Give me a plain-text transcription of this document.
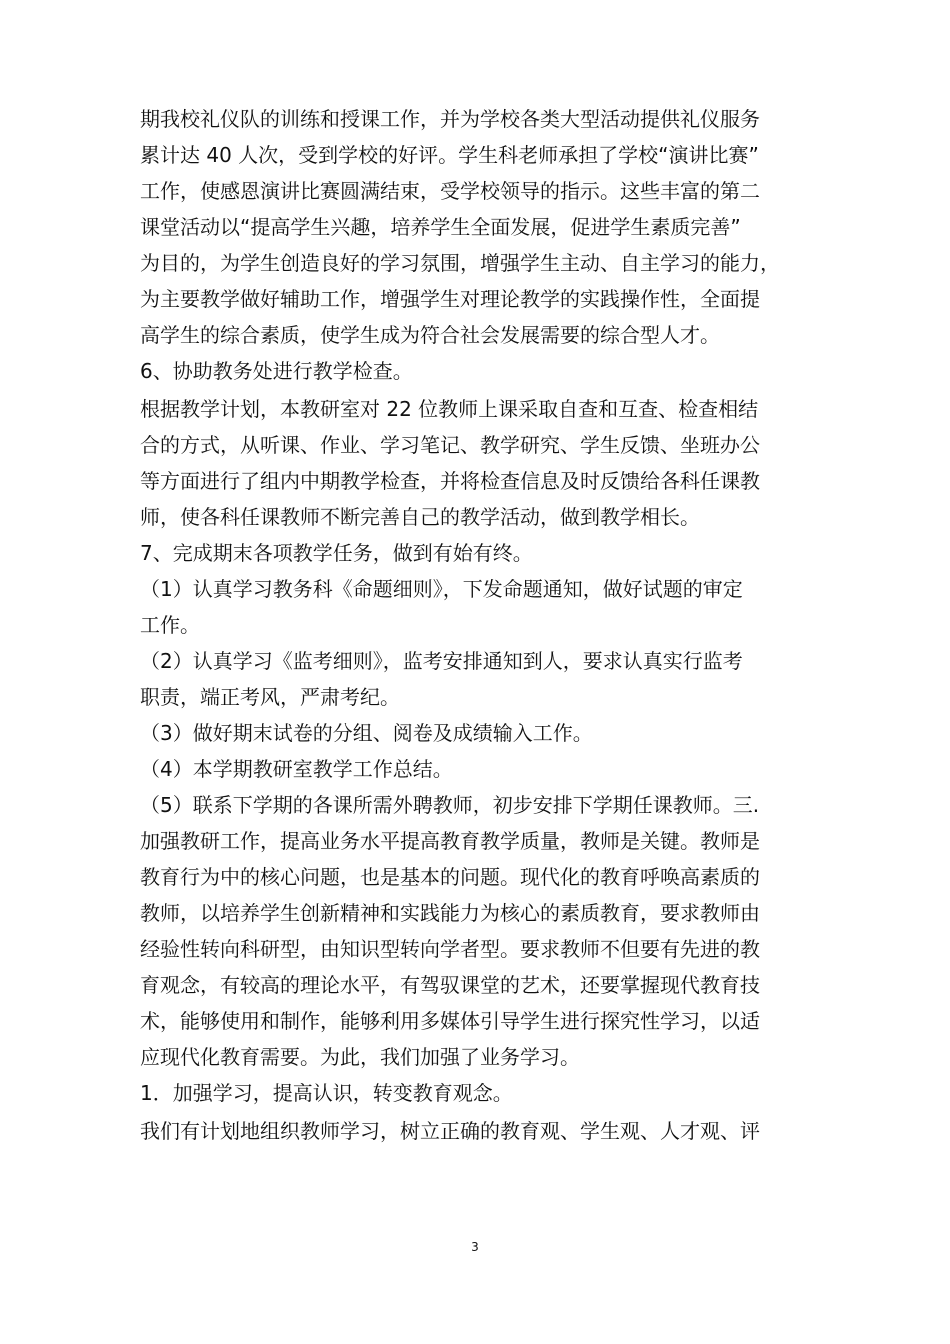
期我校礼仪队的训练和授课工作，并为学校各类大型活动提供礼仪服务
累计达 40 人次，受到学校的好评。学生科老师承担了学校“演讲比赛”
工作，使感恩演讲比赛圆满结束，受学校领导的指示。这些丰富的第二
课堂活动以“提高学生兴趣，培养学生全面发展，促进学生素质完善”
为目的，为学生创造良好的学习氛围，增强学生主动、自主学习的能力，
为主要教学做好辅助工作，增强学生对理论教学的实践操作性，全面提
高学生的综合素质，使学生成为符合社会发展需要的综合型人才。
6、协助教务处进行教学检查。
根据教学计划，本教研室对 22 位教师上课采取自查和互查、检查相结
合的方式，从听课、作业、学习笔记、教学研究、学生反馈、坐班办公
等方面进行了组内中期教学检查，并将检查信息及时反馈给各科任课教
师，使各科任课教师不断完善自己的教学活动，做到教学相长。
7、完成期末各项教学任务，做到有始有终。
（1）认真学习教务科《命题细则》，下发命题通知，做好试题的审定
工作。
（2）认真学习《监考细则》，监考安排通知到人，要求认真实行监考
职责，端正考风，严肃考纪。
（3）做好期末试卷的分组、阅卷及成绩输入工作。
（4）本学期教研室教学工作总结。
（5）联系下学期的各课所需外聘教师，初步安排下学期任课教师。三.
加强教研工作，提高业务水平提高教育教学质量，教师是关键。教师是
教育行为中的核心问题，也是基本的问题。现代化的教育呼唤高素质的
教师，以培养学生创新精神和实践能力为核心的素质教育，要求教师由
经验性转向科研型，由知识型转向学者型。要求教师不但要有先进的教
育观念，有较高的理论水平，有驾驭课堂的艺术，还要掌握现代教育技
术，能够使用和制作，能够利用多媒体引导学生进行探究性学习，以适
应现代化教育需要。为此，我们加强了业务学习。
1．加强学习，提高认识，转变教育观念。
我们有计划地组织教师学习，树立正确的教育观、学生观、人才观、评
3
